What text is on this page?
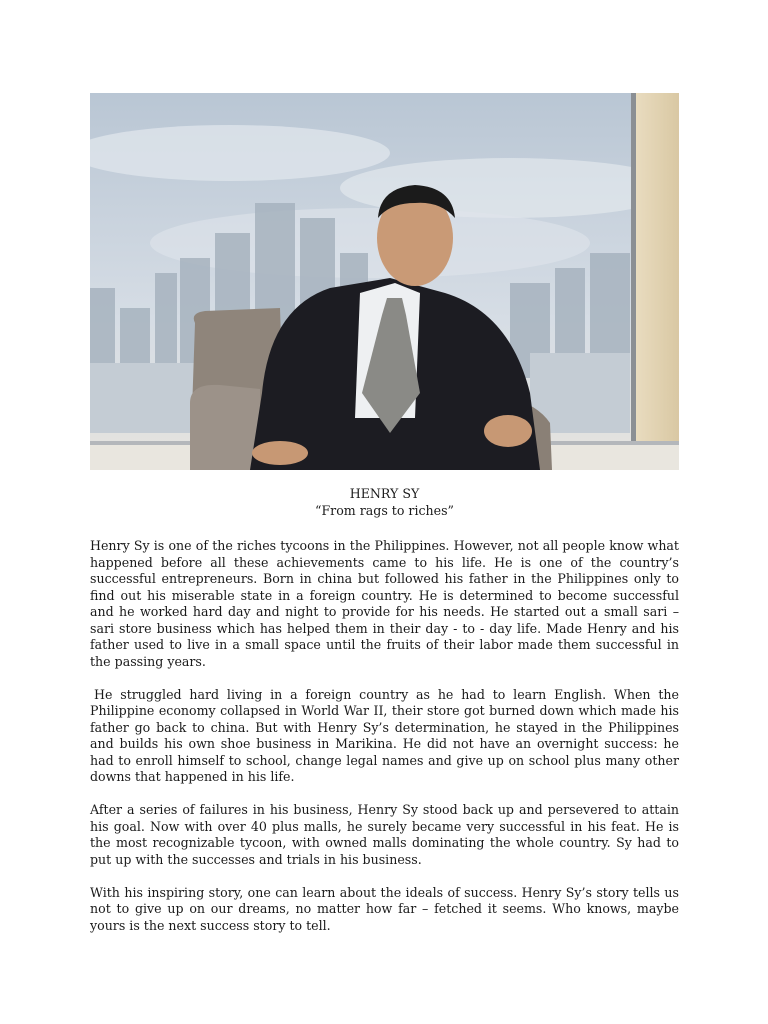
HENRY SY
“From rags to riches”

Henry Sy is one of the riches tycoons in the Philippines. However, not all people know what happened before all these achievements came to his life. He is one of the country’s successful entrepreneurs. Born in china but followed his father in the Philippines only to find out his miserable state in a foreign country. He is determined to become successful and he worked hard day and night to provide for his needs. He started out a small sari – sari store business which has helped them in their day - to - day life. Made Henry and his father used to live in a small space until the fruits of their labor made them successful in the passing years.

He struggled hard living in a foreign country as he had to learn English. When the Philippine economy collapsed in World War II, their store got burned down which made his father go back to china. But with Henry Sy’s determination, he stayed in the Philippines and builds his own shoe business in Marikina. He did not have an overnight success: he had to enroll himself to school, change legal names and give up on school plus many other downs that happened in his life.

After a series of failures in his business, Henry Sy stood back up and persevered to attain his goal. Now with over 40 plus malls, he surely became very successful in his feat. He is the most recognizable tycoon, with owned malls dominating the whole country. Sy had to put up with the successes and trials in his business.

With his inspiring story, one can learn about the ideals of success. Henry Sy’s story tells us not to give up on our dreams, no matter how far – fetched it seems. Who knows, maybe yours is the next success story to tell.
